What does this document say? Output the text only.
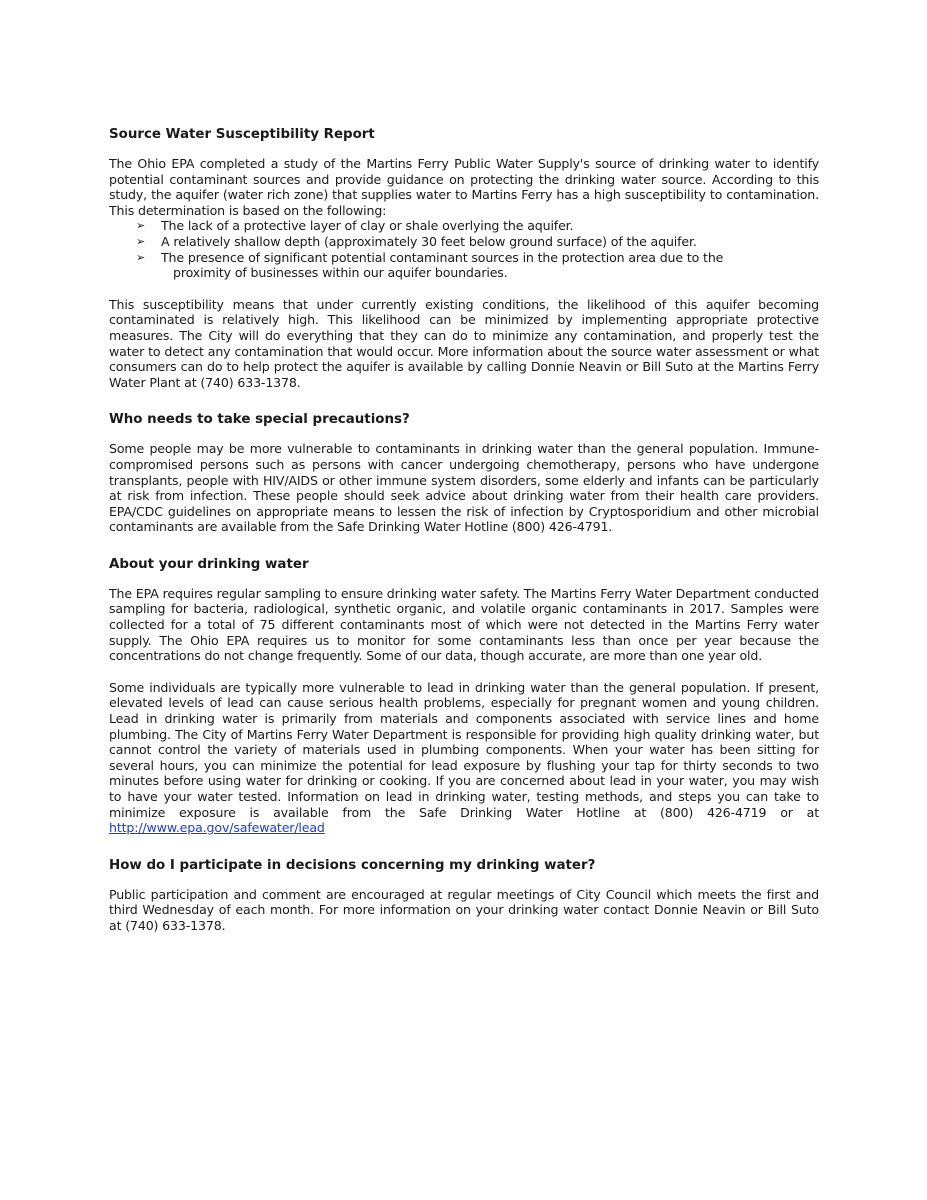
Source Water Susceptibility Report

The Ohio EPA completed a study of the Martins Ferry Public Water Supply's source of drinking water to identify potential contaminant sources and provide guidance on protecting the drinking water source. According to this study, the aquifer (water rich zone) that supplies water to Martins Ferry has a high susceptibility to contamination. This determination is based on the following:

➢ The lack of a protective layer of clay or shale overlying the aquifer.
➢ A relatively shallow depth (approximately 30 feet below ground surface) of the aquifer.
➢ The presence of significant potential contaminant sources in the protection area due to the
proximity of businesses within our aquifer boundaries.

This susceptibility means that under currently existing conditions, the likelihood of this aquifer becoming contaminated is relatively high. This likelihood can be minimized by implementing appropriate protective measures. The City will do everything that they can do to minimize any contamination, and properly test the water to detect any contamination that would occur. More information about the source water assessment or what consumers can do to help protect the aquifer is available by calling Donnie Neavin or Bill Suto at the Martins Ferry Water Plant at (740) 633-1378.

Who needs to take special precautions?

Some people may be more vulnerable to contaminants in drinking water than the general population. Immune-compromised persons such as persons with cancer undergoing chemotherapy, persons who have undergone transplants, people with HIV/AIDS or other immune system disorders, some elderly and infants can be particularly at risk from infection. These people should seek advice about drinking water from their health care providers. EPA/CDC guidelines on appropriate means to lessen the risk of infection by Cryptosporidium and other microbial contaminants are available from the Safe Drinking Water Hotline (800) 426-4791.

About your drinking water

The EPA requires regular sampling to ensure drinking water safety. The Martins Ferry Water Department conducted sampling for bacteria, radiological, synthetic organic, and volatile organic contaminants in 2017. Samples were collected for a total of 75 different contaminants most of which were not detected in the Martins Ferry water supply. The Ohio EPA requires us to monitor for some contaminants less than once per year because the concentrations do not change frequently. Some of our data, though accurate, are more than one year old.

Some individuals are typically more vulnerable to lead in drinking water than the general population. If present, elevated levels of lead can cause serious health problems, especially for pregnant women and young children. Lead in drinking water is primarily from materials and components associated with service lines and home plumbing. The City of Martins Ferry Water Department is responsible for providing high quality drinking water, but cannot control the variety of materials used in plumbing components. When your water has been sitting for several hours, you can minimize the potential for lead exposure by flushing your tap for thirty seconds to two minutes before using water for drinking or cooking. If you are concerned about lead in your water, you may wish to have your water tested. Information on lead in drinking water, testing methods, and steps you can take to minimize exposure is available from the Safe Drinking Water Hotline at (800) 426-4719 or at http://www.epa.gov/safewater/lead

How do I participate in decisions concerning my drinking water?

Public participation and comment are encouraged at regular meetings of City Council which meets the first and third Wednesday of each month. For more information on your drinking water contact Donnie Neavin or Bill Suto at (740) 633-1378.
